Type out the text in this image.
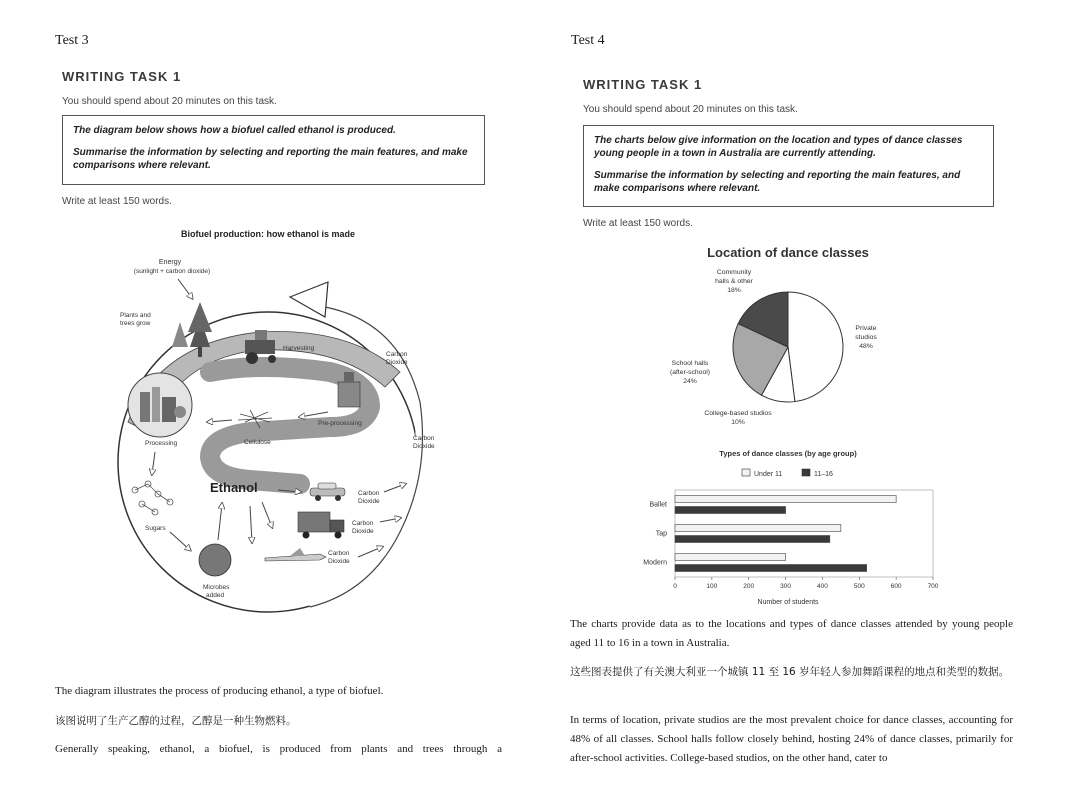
Test 3
WRITING TASK 1
You should spend about 20 minutes on this task.

The diagram below shows how a biofuel called ethanol is produced.

Summarise the information by selecting and reporting the main features, and make comparisons where relevant.

Write at least 150 words.
Biofuel production: how ethanol is made
Energy
(sunlight + carbon dioxide)
Plants and
trees grow
Harvesting
Carbon
Dioxide
Pre-processing
Cellulose
Processing
Carbon
Dioxide
Ethanol
Sugars
Microbes
added
Carbon
Dioxide
Carbon
Dioxide
Carbon
Dioxide
The diagram illustrates the process of producing ethanol, a type of biofuel.
该图说明了生产乙醇的过程，乙醇是一种生物燃料。
Generally speaking, ethanol, a biofuel, is produced from plants and trees through a
Test 4
WRITING TASK 1
You should spend about 20 minutes on this task.

The charts below give information on the location and types of dance classes young people in a town in Australia are currently attending.

Summarise the information by selecting and reporting the main features, and make comparisons where relevant.

Write at least 150 words.
Location of dance classes
Private
studios
48%
College-based studios
10%
School halls
(after-school)
24%
Community
halls & other
18%
Types of dance classes (by age group)
Under 11	11–16
0	100	200	300	400	500	600	700
Ballet
Tap
Modern
Number of students
The charts provide data as to the locations and types of dance classes attended by young people aged 11 to 16 in a town in Australia.
这些图表提供了有关澳大利亚一个城镇 11 至 16 岁年轻人参加舞蹈课程的地点和类型的数据。
In terms of location, private studios are the most prevalent choice for dance classes, accounting for 48% of all classes. School halls follow closely behind, hosting 24% of dance classes, primarily for after-school activities. College-based studios, on the other hand, cater to
